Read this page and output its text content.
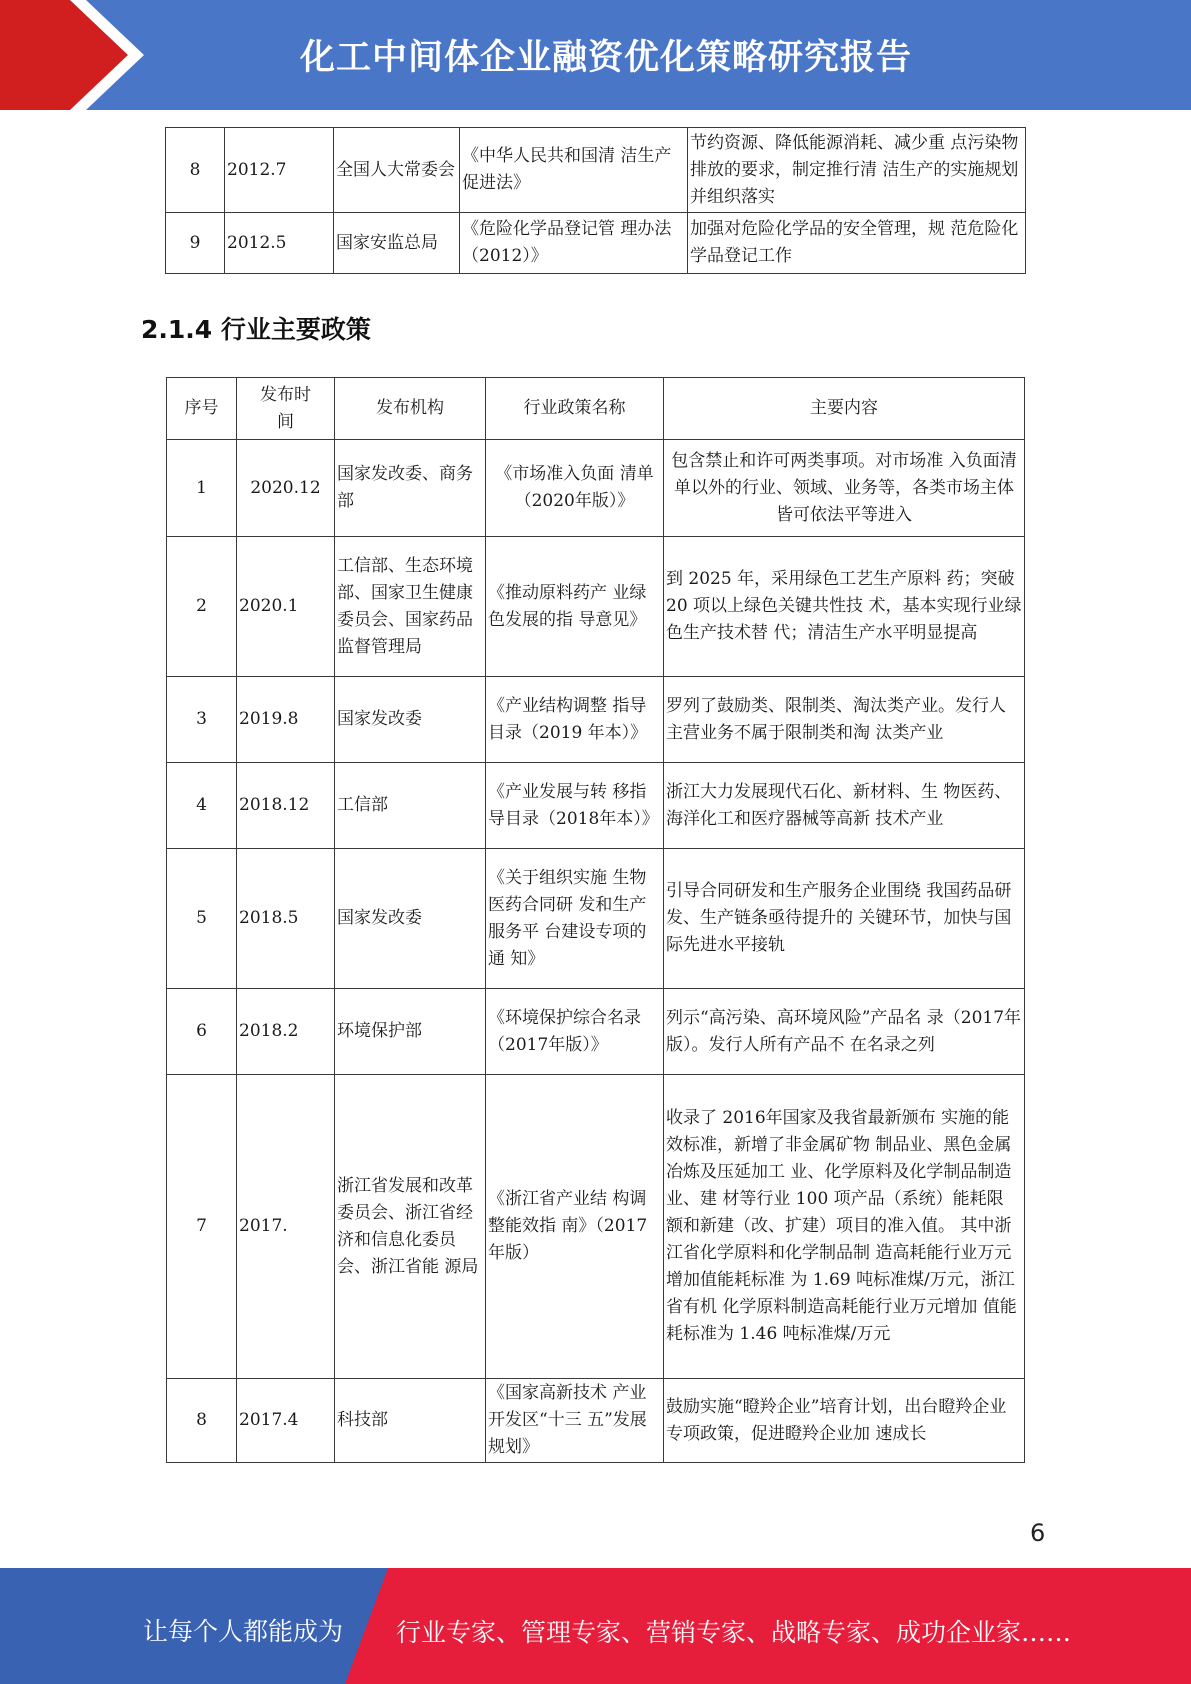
化工中间体企业融资优化策略研究报告
8	2012.7	全国人大常委会	《中华人民共和国清 洁生产促进法》	节约资源、降低能源消耗、减少重 点污染物排放的要求，制定推行清 洁生产的实施规划并组织落实
9	2012.5	国家安监总局	《危险化学品登记管 理办法（2012）》	加强对危险化学品的安全管理，规 范危险化学品登记工作
2.1.4 行业主要政策
序号	发布时间	发布机构	行业政策名称	主要内容
1	2020.12	国家发改委、商务部	《市场准入负面 清单（2020年版）》	包含禁止和许可两类事项。对市场准 入负面清单以外的行业、领域、业务等，各类市场主体皆可依法平等进入
2	2020.1	工信部、生态环境部、国家卫生健康委员会、国家药品监督管理局	《推动原料药产 业绿色发展的指 导意见》	到 2025 年，采用绿色工艺生产原料 药；突破 20 项以上绿色关键共性技 术，基本实现行业绿色生产技术替 代；清洁生产水平明显提高
3	2019.8	国家发改委	《产业结构调整 指导目录（2019 年本）》	罗列了鼓励类、限制类、淘汰类产业。发行人主营业务不属于限制类和淘 汰类产业
4	2018.12	工信部	《产业发展与转 移指导目录（2018年本）》	浙江大力发展现代石化、新材料、生 物医药、海洋化工和医疗器械等高新 技术产业
5	2018.5	国家发改委	《关于组织实施 生物医药合同研 发和生产服务平 台建设专项的通 知》	引导合同研发和生产服务企业围绕 我国药品研发、生产链条亟待提升的 关键环节，加快与国际先进水平接轨
6	2018.2	环境保护部	《环境保护综合名录（2017年版）》	列示“高污染、高环境风险”产品名 录（2017年版）。发行人所有产品不 在名录之列
7	2017.	浙江省发展和改革委员会、浙江省经济和信息化委员 会、浙江省能 源局	《浙江省产业结 构调整能效指 南》（2017年版）	收录了 2016年国家及我省最新颁布 实施的能效标准，新增了非金属矿物 制品业、黑色金属冶炼及压延加工 业、化学原料及化学制品制造业、建 材等行业 100 项产品（系统）能耗限 额和新建（改、扩建）项目的准入值。 其中浙江省化学原料和化学制品制 造高耗能行业万元增加值能耗标准 为 1.69 吨标准煤/万元，浙江省有机 化学原料制造高耗能行业万元增加 值能耗标准为 1.46 吨标准煤/万元
8	2017.4	科技部	《国家高新技术 产业开发区“十三 五”发展规划》	鼓励实施“瞪羚企业”培育计划，出台瞪羚企业专项政策，促进瞪羚企业加 速成长
6
让每个人都能成为 行业专家、管理专家、营销专家、战略专家、成功企业家……
